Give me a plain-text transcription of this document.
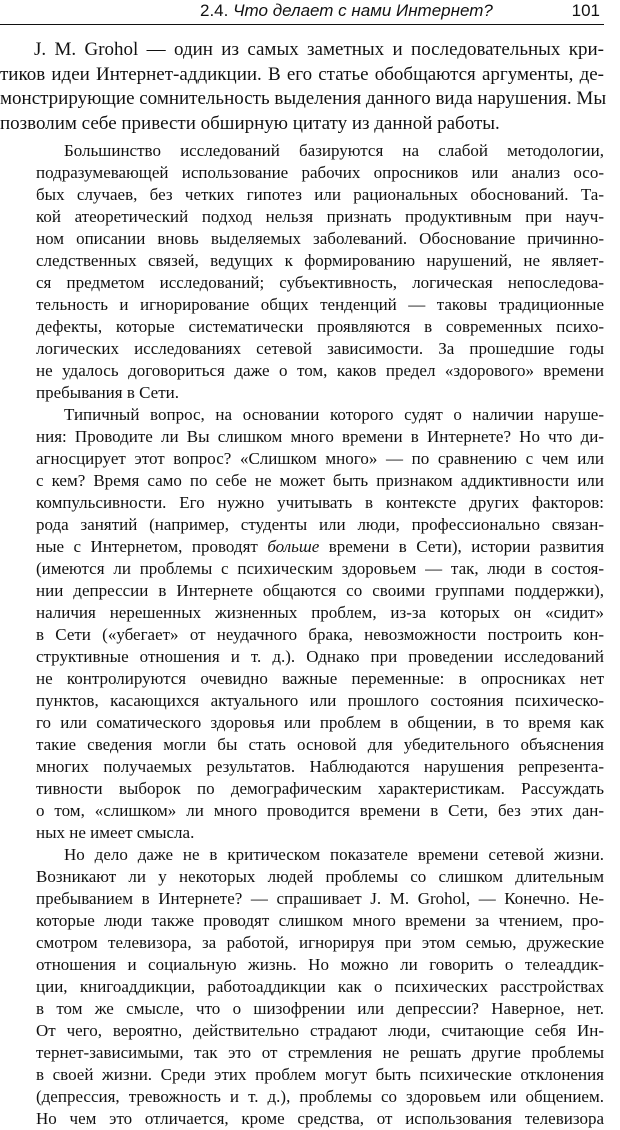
2.4. Что делает с нами Интернет?	101
J. M. Grohol — один из самых заметных и последовательных кри-
тиков идеи Интернет-аддикции. В его статье обобщаются аргументы, де-
монстрирующие сомнительность выделения данного вида нарушения. Мы
позволим себе привести обширную цитату из данной работы.
Большинство исследований базируются на слабой методологии,
подразумевающей использование рабочих опросников или анализ осо-
бых случаев, без четких гипотез или рациональных обоснований. Та-
кой атеоретический подход нельзя признать продуктивным при науч-
ном описании вновь выделяемых заболеваний. Обоснование причинно-
следственных связей, ведущих к формированию нарушений, не являет-
ся предметом исследований; субъективность, логическая непоследова-
тельность и игнорирование общих тенденций — таковы традиционные
дефекты, которые систематически проявляются в современных психо-
логических исследованиях сетевой зависимости. За прошедшие годы
не удалось договориться даже о том, каков предел «здорового» времени
пребывания в Сети.
Типичный вопрос, на основании которого судят о наличии наруше-
ния: Проводите ли Вы слишком много времени в Интернете? Но что ди-
агносцирует этот вопрос? «Слишком много» — по сравнению с чем или
с кем? Время само по себе не может быть признаком аддиктивности или
компульсивности. Его нужно учитывать в контексте других факторов:
рода занятий (например, студенты или люди, профессионально связан-
ные с Интернетом, проводят больше времени в Сети), истории развития
(имеются ли проблемы с психическим здоровьем — так, люди в состоя-
нии депрессии в Интернете общаются со своими группами поддержки),
наличия нерешенных жизненных проблем, из-за которых он «сидит»
в Сети («убегает» от неудачного брака, невозможности построить кон-
структивные отношения и т. д.). Однако при проведении исследований
не контролируются очевидно важные переменные: в опросниках нет
пунктов, касающихся актуального или прошлого состояния психическо-
го или соматического здоровья или проблем в общении, в то время как
такие сведения могли бы стать основой для убедительного объяснения
многих получаемых результатов. Наблюдаются нарушения репрезента-
тивности выборок по демографическим характеристикам. Рассуждать
о том, «слишком» ли много проводится времени в Сети, без этих дан-
ных не имеет смысла.
Но дело даже не в критическом показателе времени сетевой жизни.
Возникают ли у некоторых людей проблемы со слишком длительным
пребыванием в Интернете? — спрашивает J. M. Grohol, — Конечно. Не-
которые люди также проводят слишком много времени за чтением, про-
смотром телевизора, за работой, игнорируя при этом семью, дружеские
отношения и социальную жизнь. Но можно ли говорить о телеаддик-
ции, книгоаддикции, работоаддикции как о психических расстройствах
в том же смысле, что о шизофрении или депрессии? Наверное, нет.
От чего, вероятно, действительно страдают люди, считающие себя Ин-
тернет-зависимыми, так это от стремления не решать другие проблемы
в своей жизни. Среди этих проблем могут быть психические отклонения
(депрессия, тревожность и т. д.), проблемы со здоровьем или общением.
Но чем это отличается, кроме средства, от использования телевизора
